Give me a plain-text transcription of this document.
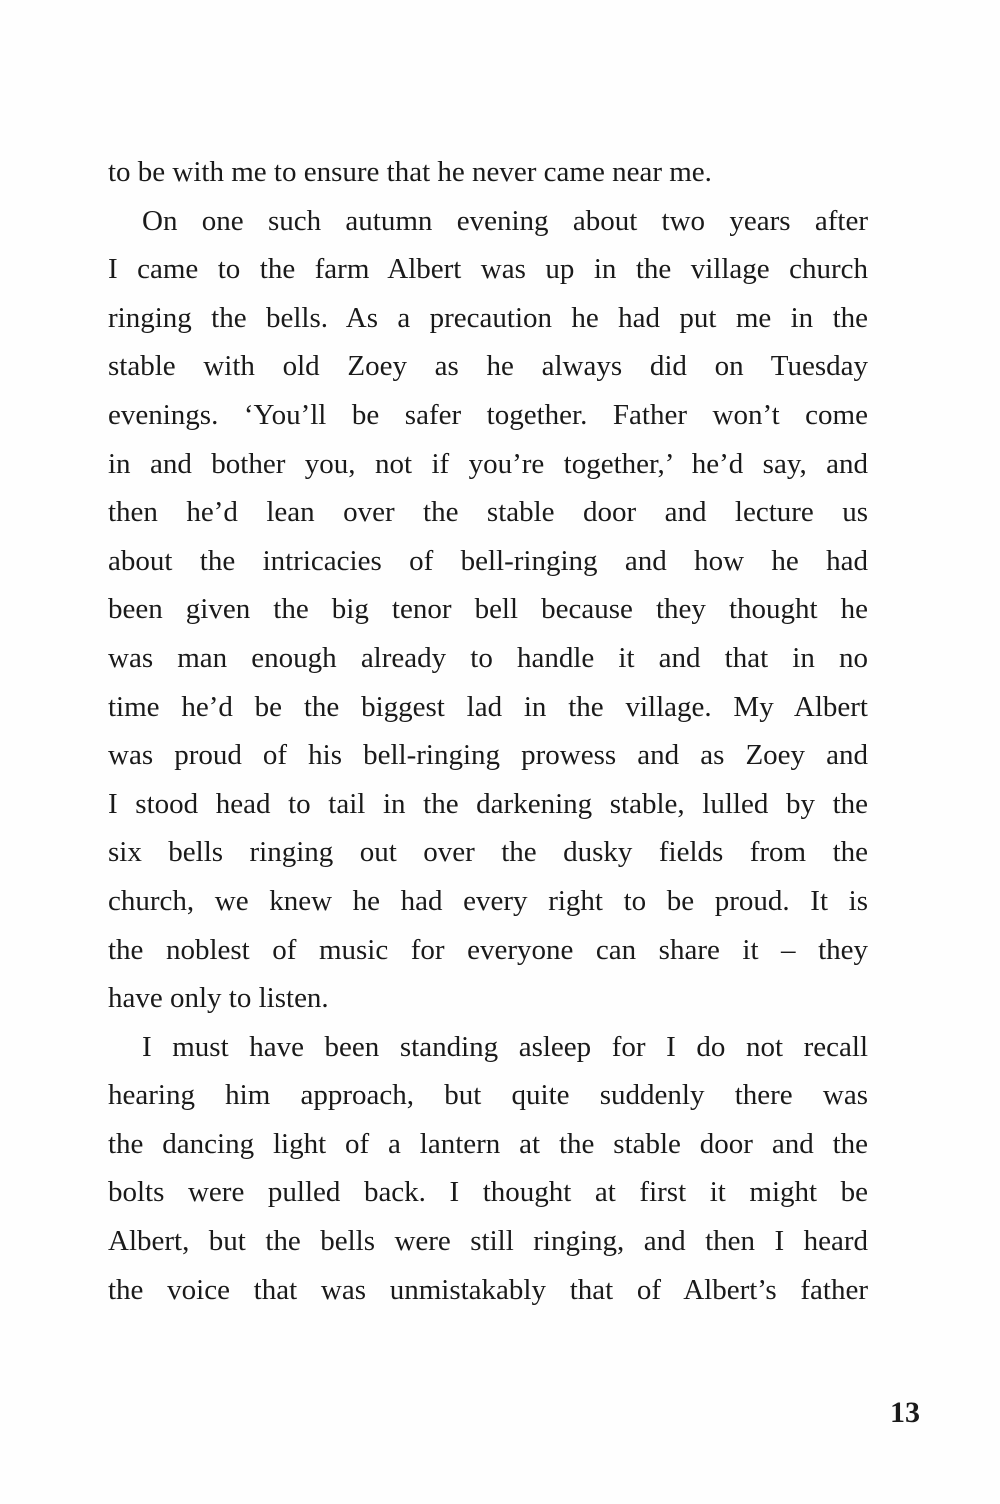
to be with me to ensure that he never came near me.
On one such autumn evening about two years after
I came to the farm Albert was up in the village church
ringing the bells. As a precaution he had put me in the
stable with old Zoey as he always did on Tuesday
evenings. ‘You’ll be safer together. Father won’t come
in and bother you, not if you’re together,’ he’d say, and
then he’d lean over the stable door and lecture us
about the intricacies of bell-ringing and how he had
been given the big tenor bell because they thought he
was man enough already to handle it and that in no
time he’d be the biggest lad in the village. My Albert
was proud of his bell-ringing prowess and as Zoey and
I stood head to tail in the darkening stable, lulled by the
six bells ringing out over the dusky fields from the
church, we knew he had every right to be proud. It is
the noblest of music for everyone can share it – they
have only to listen.
I must have been standing asleep for I do not recall
hearing him approach, but quite suddenly there was
the dancing light of a lantern at the stable door and the
bolts were pulled back. I thought at first it might be
Albert, but the bells were still ringing, and then I heard
the voice that was unmistakably that of Albert’s father
13
